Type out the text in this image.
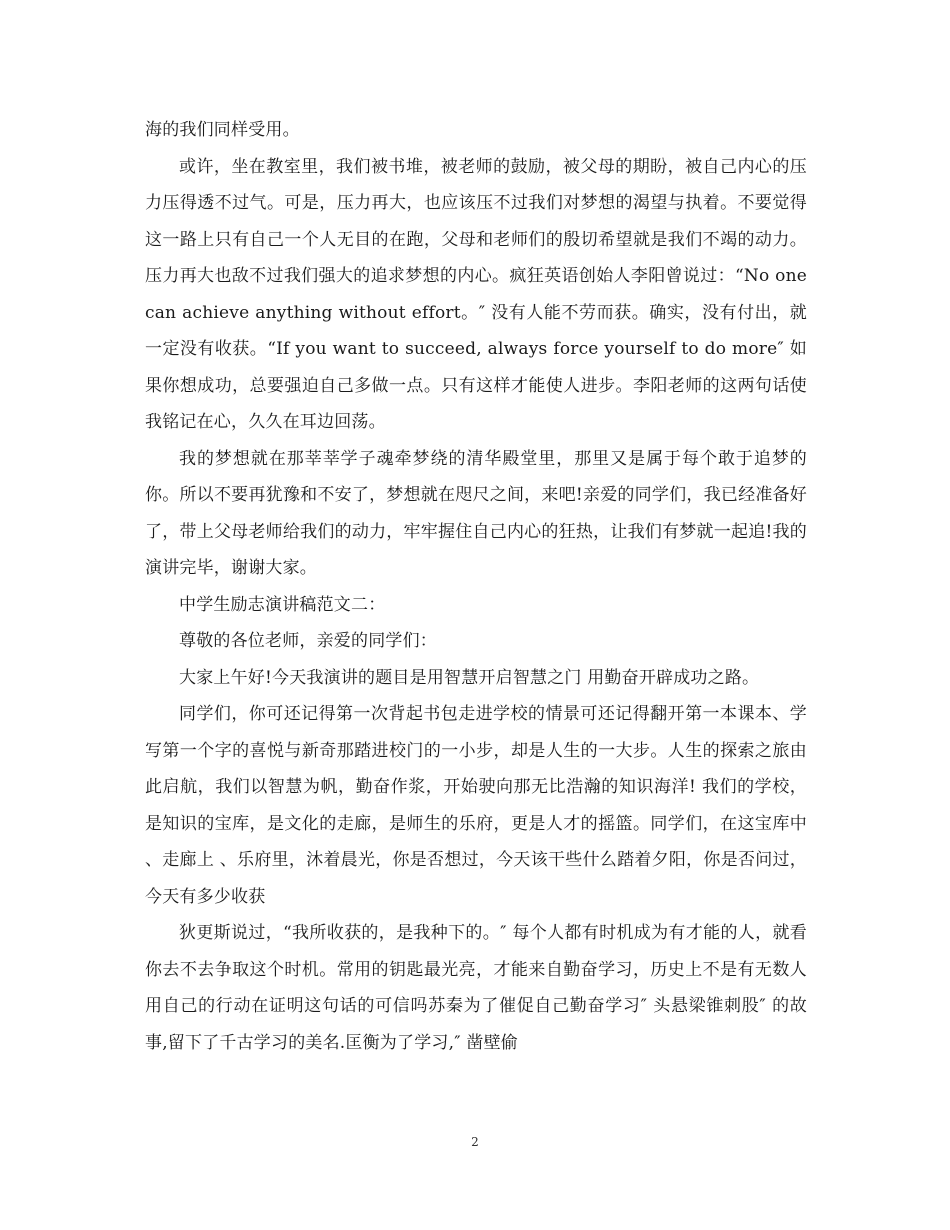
海的我们同样受用。

或许，坐在教室里，我们被书堆，被老师的鼓励，被父母的期盼，被自己内心的压力压得透不过气。可是，压力再大，也应该压不过我们对梦想的渴望与执着。不要觉得这一路上只有自己一个人无目的在跑，父母和老师们的殷切希望就是我们不竭的动力。压力再大也敌不过我们强大的追求梦想的内心。疯狂英语创始人李阳曾说过：“No one can achieve anything without effort。″ 没有人能不劳而获。确实，没有付出，就一定没有收获。“If you want to succeed, always force yourself to do more″ 如果你想成功，总要强迫自己多做一点。只有这样才能使人进步。李阳老师的这两句话使我铭记在心，久久在耳边回荡。

我的梦想就在那莘莘学子魂牵梦绕的清华殿堂里，那里又是属于每个敢于追梦的你。所以不要再犹豫和不安了，梦想就在咫尺之间，来吧!亲爱的同学们，我已经准备好了，带上父母老师给我们的动力，牢牢握住自己内心的狂热，让我们有梦就一起追!我的演讲完毕，谢谢大家。

中学生励志演讲稿范文二：

尊敬的各位老师，亲爱的同学们：

大家上午好!今天我演讲的题目是用智慧开启智慧之门 用勤奋开辟成功之路。

同学们，你可还记得第一次背起书包走进学校的情景可还记得翻开第一本课本、学写第一个字的喜悦与新奇那踏进校门的一小步，却是人生的一大步。人生的探索之旅由此启航，我们以智慧为帆，勤奋作浆，开始驶向那无比浩瀚的知识海洋! 我们的学校，是知识的宝库，是文化的走廊，是师生的乐府，更是人才的摇篮。同学们，在这宝库中 、走廊上 、乐府里，沐着晨光，你是否想过，今天该干些什么踏着夕阳，你是否问过，今天有多少收获

狄更斯说过，“我所收获的，是我种下的。″ 每个人都有时机成为有才能的人，就看你去不去争取这个时机。常用的钥匙最光亮，才能来自勤奋学习，历史上不是有无数人用自己的行动在证明这句话的可信吗苏秦为了催促自己勤奋学习″ 头悬梁锥刺股″ 的故事,留下了千古学习的美名.匡衡为了学习,″ 凿壁偷

2
